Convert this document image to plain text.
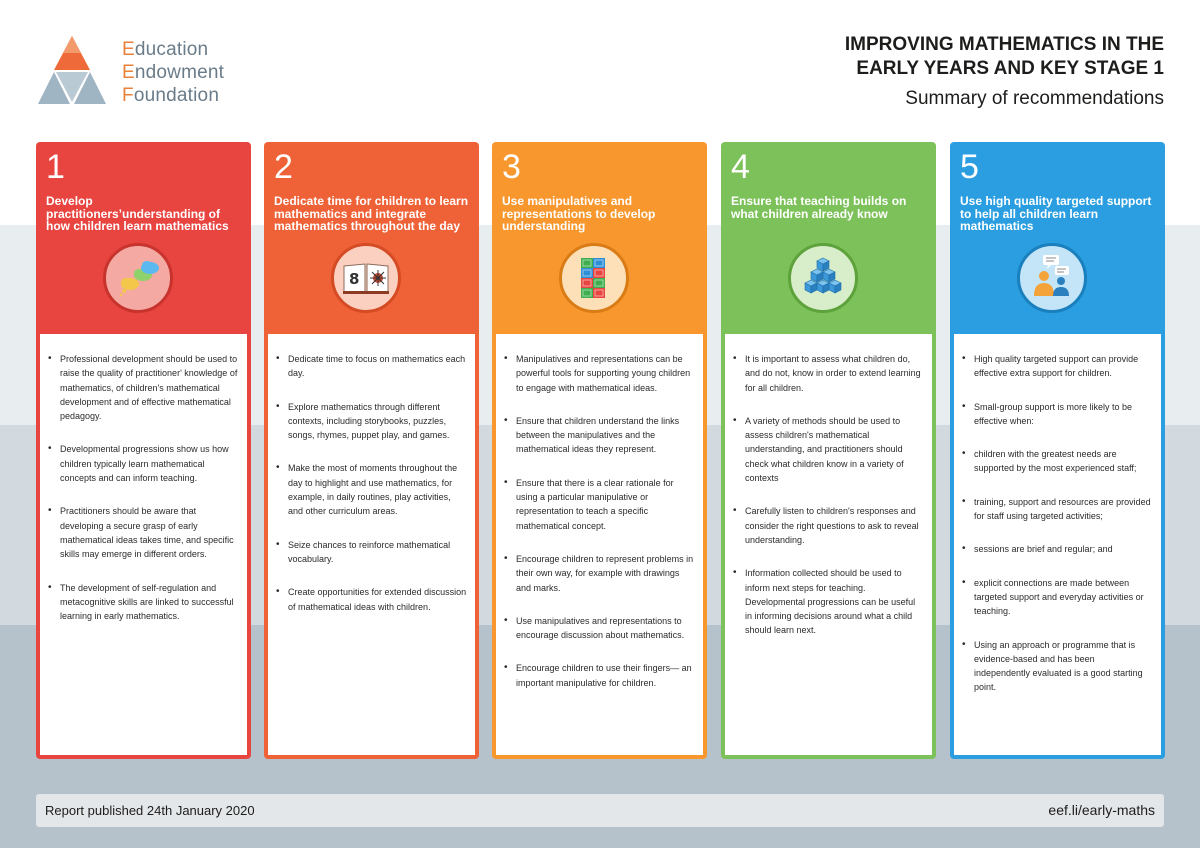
Education
Endowment
Foundation
IMPROVING MATHEMATICS IN THE
EARLY YEARS AND KEY STAGE 1
Summary of recommendations
1
Develop practitioners’understanding of how children learn mathematics
• Professional development should be used to raise the quality of practitioner' knowledge of mathematics, of children's mathematical development and of effective mathematical pedagogy.
• Developmental progressions show us how children typically learn mathematical concepts and can inform teaching.
• Practitioners should be aware that developing a secure grasp of early mathematical ideas takes time, and specific skills may emerge in different orders.
• The development of self-regulation and metacognitive skills are linked to successful learning in early mathematics.
2
Dedicate time for children to learn mathematics and integrate mathematics throughout the day
8
• Dedicate time to focus on mathematics each day.
• Explore mathematics through different contexts, including storybooks, puzzles, songs, rhymes, puppet play, and games.
• Make the most of moments throughout the day to highlight and use mathematics, for example, in daily routines, play activities, and other curriculum areas.
• Seize chances to reinforce mathematical vocabulary.
• Create opportunities for extended discussion of mathematical ideas with children.
3
Use manipulatives and representations to develop understanding
• Manipulatives and representations can be powerful tools for supporting young children to engage with mathematical ideas.
• Ensure that children understand the links between the manipulatives and the mathematical ideas they represent.
• Ensure that there is a clear rationale for using a particular manipulative or representation to teach a specific mathematical concept.
• Encourage children to represent problems in their own way, for example with drawings and marks.
• Use manipulatives and representations to encourage discussion about mathematics.
• Encourage children to use their fingers— an important manipulative for children.
4
Ensure that teaching builds on what children already know
• It is important to assess what children do, and do not, know in order to extend learning for all children.
• A variety of methods should be used to assess children's mathematical understanding, and practitioners should check what children know in a variety of contexts
• Carefully listen to children's responses and consider the right questions to ask to reveal understanding.
• Information collected should be used to inform next steps for teaching. Developmental progressions can be useful in informing decisions around what a child should learn next.
5
Use high quality targeted support to help all children learn mathematics
• High quality targeted support can provide effective extra support for children.
• Small-group support is more likely to be effective when:
• children with the greatest needs are supported by the most experienced staff;
• training, support and resources are provided for staff using targeted activities;
• sessions are brief and regular; and
• explicit connections are made between targeted support and everyday activities or teaching.
• Using an approach or programme that is evidence-based and has been independently evaluated is a good starting point.
Report published 24th January 2020	eef.li/early-maths
